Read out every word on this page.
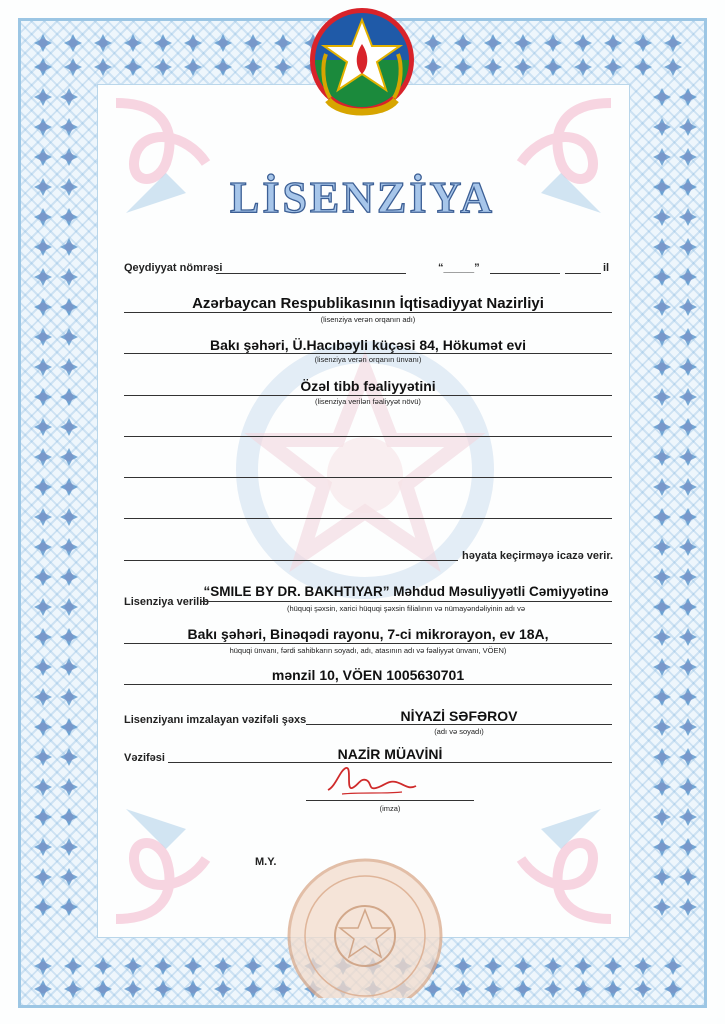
LİSENZİYA
Qeydiyyat nömrəsi	“_____”	il
Azərbaycan Respublikasının İqtisadiyyat Nazirliyi
(lisenziya verən orqanın adı)
Bakı şəhəri, Ü.Hacıbəyli küçəsi 84, Hökumət evi
(lisenziya verən orqanın ünvanı)
Özəl tibb fəaliyyətini
(lisenziya verilən fəaliyyət növü)
həyata keçirməyə icazə verir.
Lisenziya verilib
“SMILE BY DR. BAKHTIYAR” Məhdud Məsuliyyətli Cəmiyyətinə
(hüquqi şəxsin, xarici hüquqi şəxsin filialının və nümayəndəliyinin adı və
Bakı şəhəri, Binəqədi rayonu, 7-ci mikrorayon, ev 18A,
hüquqi ünvanı, fərdi sahibkarın soyadı, adı, atasının adı və fəaliyyət ünvanı, VÖEN)
mənzil 10, VÖEN 1005630701
Lisenziyanı imzalayan vəzifəli şəxs	NİYAZİ SƏFƏROV
(adı və soyadı)
Vəzifəsi	NAZİR MÜAVİNİ
(imza)
M.Y.
